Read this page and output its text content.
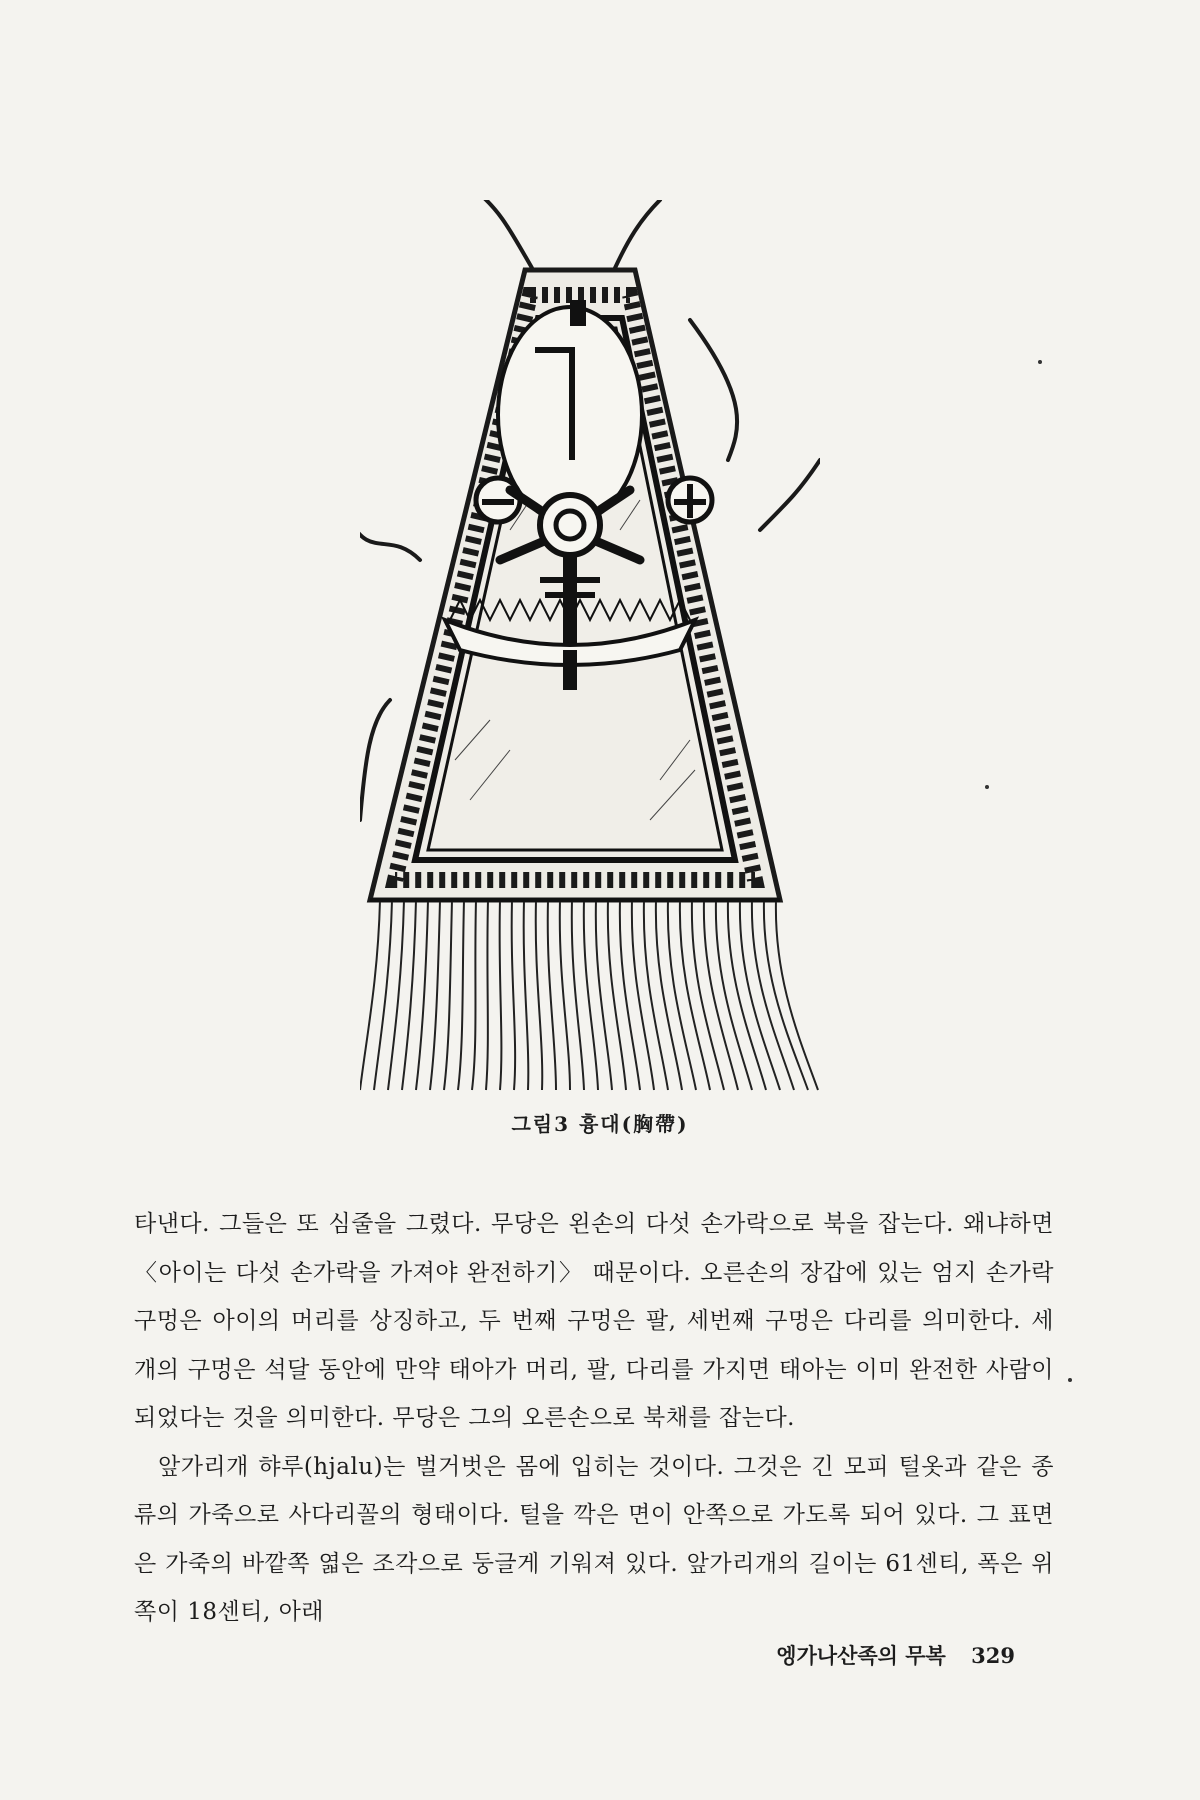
그림3 흉대(胸帶)

타낸다. 그들은 또 심줄을 그렸다. 무당은 왼손의 다섯 손가락으로 북을 잡는다. 왜냐하면 〈아이는 다섯 손가락을 가져야 완전하기〉 때문이다. 오른손의 장갑에 있는 엄지 손가락 구멍은 아이의 머리를 상징하고, 두 번째 구멍은 팔, 세번째 구멍은 다리를 의미한다. 세 개의 구멍은 석달 동안에 만약 태아가 머리, 팔, 다리를 가지면 태아는 이미 완전한 사람이 되었다는 것을 의미한다. 무당은 그의 오른손으로 북채를 잡는다.

앞가리개 햐루(hjalu)는 벌거벗은 몸에 입히는 것이다. 그것은 긴 모피 털옷과 같은 종류의 가죽으로 사다리꼴의 형태이다. 털을 깍은 면이 안쪽으로 가도록 되어 있다. 그 표면은 가죽의 바깥쪽 엷은 조각으로 둥글게 기워져 있다. 앞가리개의 길이는 61센티, 폭은 위쪽이 18센티, 아래

엥가나산족의 무복 329
